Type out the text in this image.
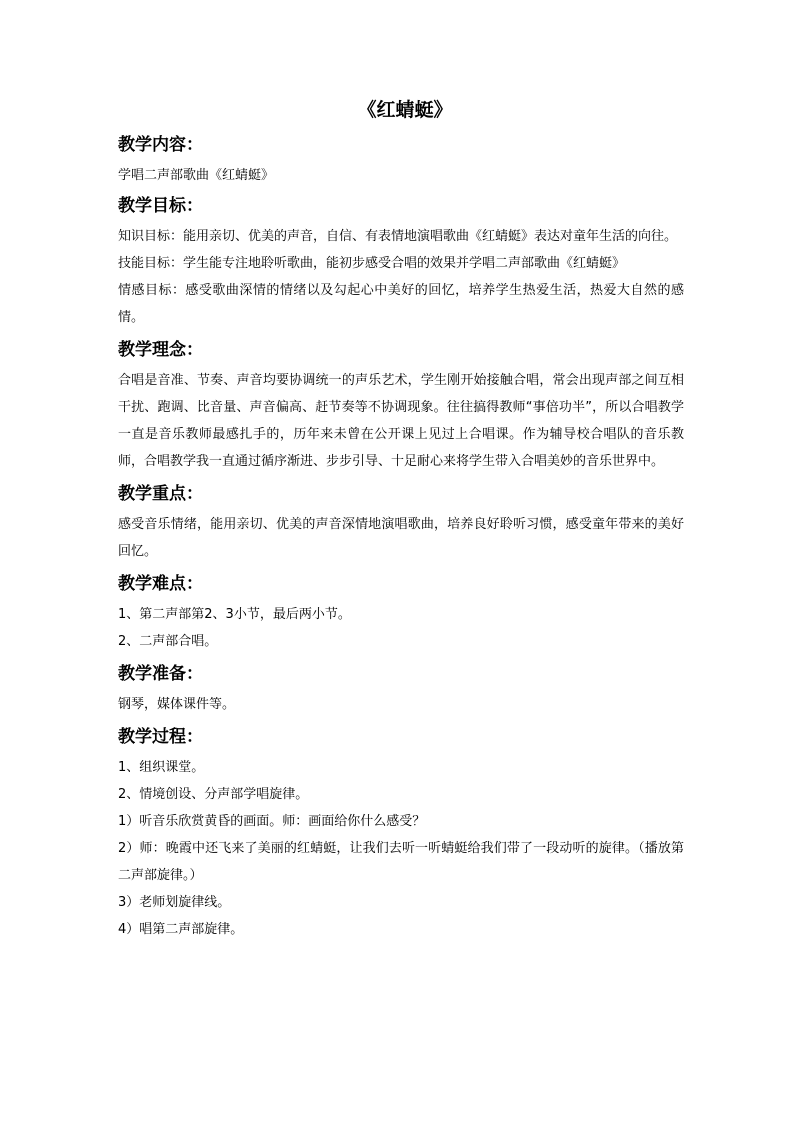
《红蜻蜓》
教学内容：

学唱二声部歌曲《红蜻蜓》

教学目标：

知识目标：能用亲切、优美的声音，自信、有表情地演唱歌曲《红蜻蜓》表达对童年生活的向往。

技能目标：学生能专注地聆听歌曲，能初步感受合唱的效果并学唱二声部歌曲《红蜻蜓》

情感目标：感受歌曲深情的情绪以及勾起心中美好的回忆，培养学生热爱生活，热爱大自然的感情。

教学理念：

合唱是音准、节奏、声音均要协调统一的声乐艺术，学生刚开始接触合唱，常会出现声部之间互相干扰、跑调、比音量、声音偏高、赶节奏等不协调现象。往往搞得教师“事倍功半”，所以合唱教学一直是音乐教师最感扎手的，历年来未曾在公开课上见过上合唱课。作为辅导校合唱队的音乐教师，合唱教学我一直通过循序渐进、步步引导、十足耐心来将学生带入合唱美妙的音乐世界中。

教学重点：

感受音乐情绪，能用亲切、优美的声音深情地演唱歌曲，培养良好聆听习惯，感受童年带来的美好回忆。

教学难点：

1、第二声部第2、3小节，最后两小节。

2、二声部合唱。

教学准备：

钢琴，媒体课件等。

教学过程：

1、组织课堂。

2、情境创设、分声部学唱旋律。

1）听音乐欣赏黄昏的画面。师：画面给你什么感受？

2）师：晚霞中还飞来了美丽的红蜻蜓，让我们去听一听蜻蜓给我们带了一段动听的旋律。（播放第二声部旋律。）

3）老师划旋律线。

4）唱第二声部旋律。
